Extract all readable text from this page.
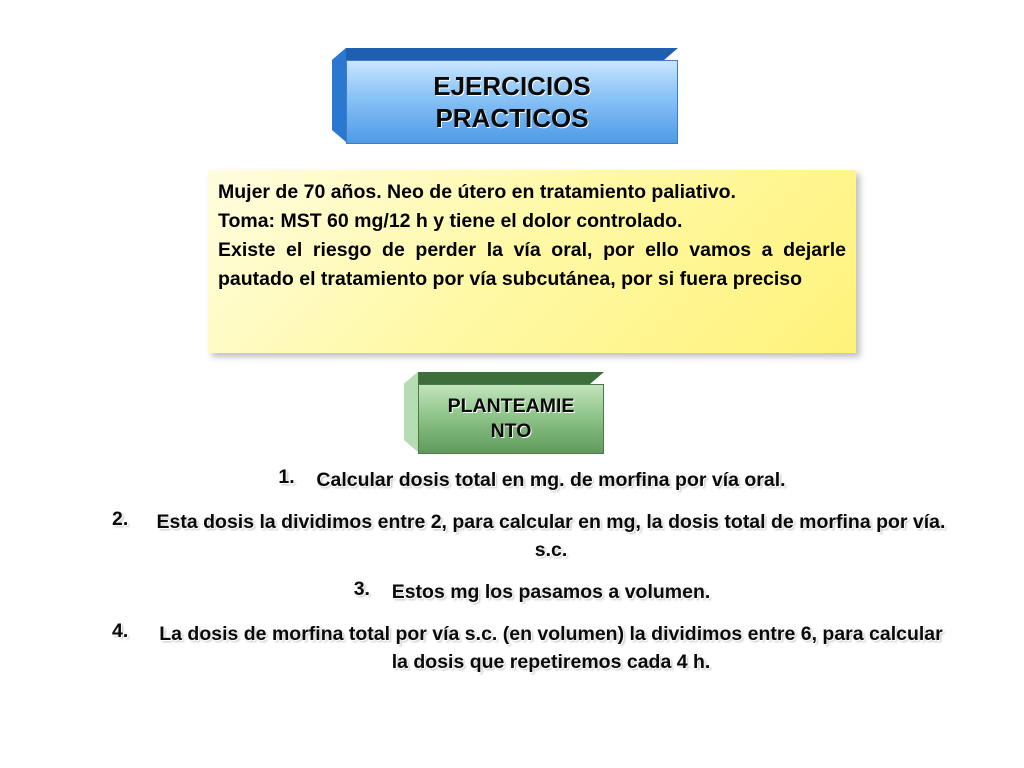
EJERCICIOS
PRACTICOS

Mujer de 70 años. Neo de útero en tratamiento paliativo.

Toma: MST 60 mg/12 h y tiene el dolor controlado.

Existe el riesgo de perder la vía oral, por ello vamos a dejarle pautado el tratamiento por vía subcutánea, por si fuera preciso

PLANTEAMIE
NTO
1.	Calcular dosis total en mg. de morfina por vía oral.
2.	Esta dosis la dividimos entre 2, para calcular en mg, la dosis total de morfina por vía. s.c.
3.	Estos mg los pasamos a volumen.
4.	La dosis de morfina total por vía s.c. (en volumen) la dividimos entre 6, para calcular la dosis que repetiremos cada 4 h.
